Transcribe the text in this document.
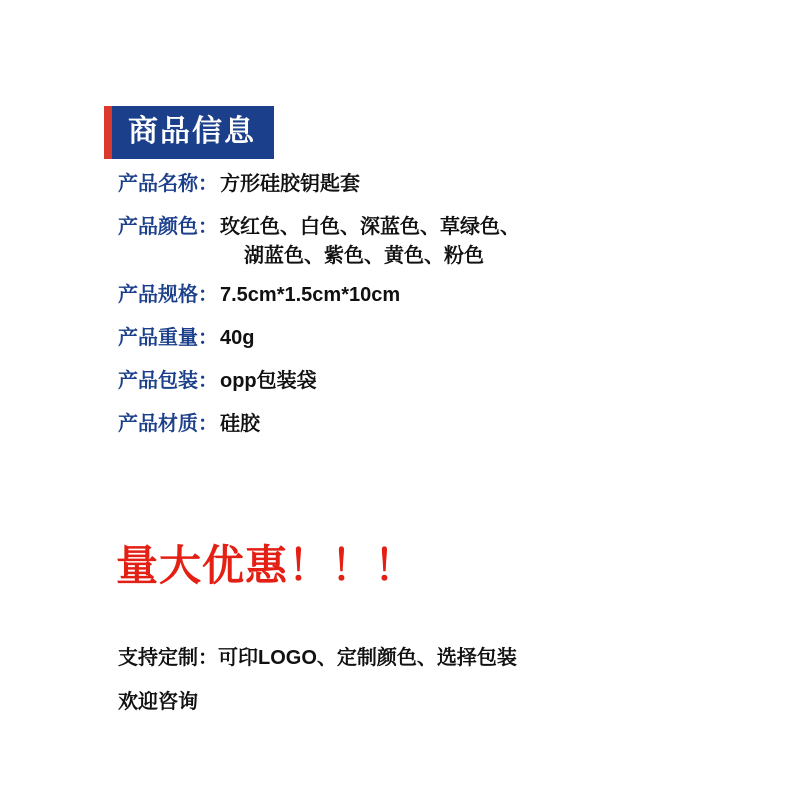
商品信息
产品名称： 方形硅胶钥匙套
产品颜色： 玫红色、白色、深蓝色、草绿色、
湖蓝色、紫色、黄色、粉色
产品规格： 7.5cm*1.5cm*10cm
产品重量： 40g
产品包装： opp包装袋
产品材质： 硅胶
量大优惠！！！
支持定制：可印LOGO、定制颜色、选择包装
欢迎咨询
